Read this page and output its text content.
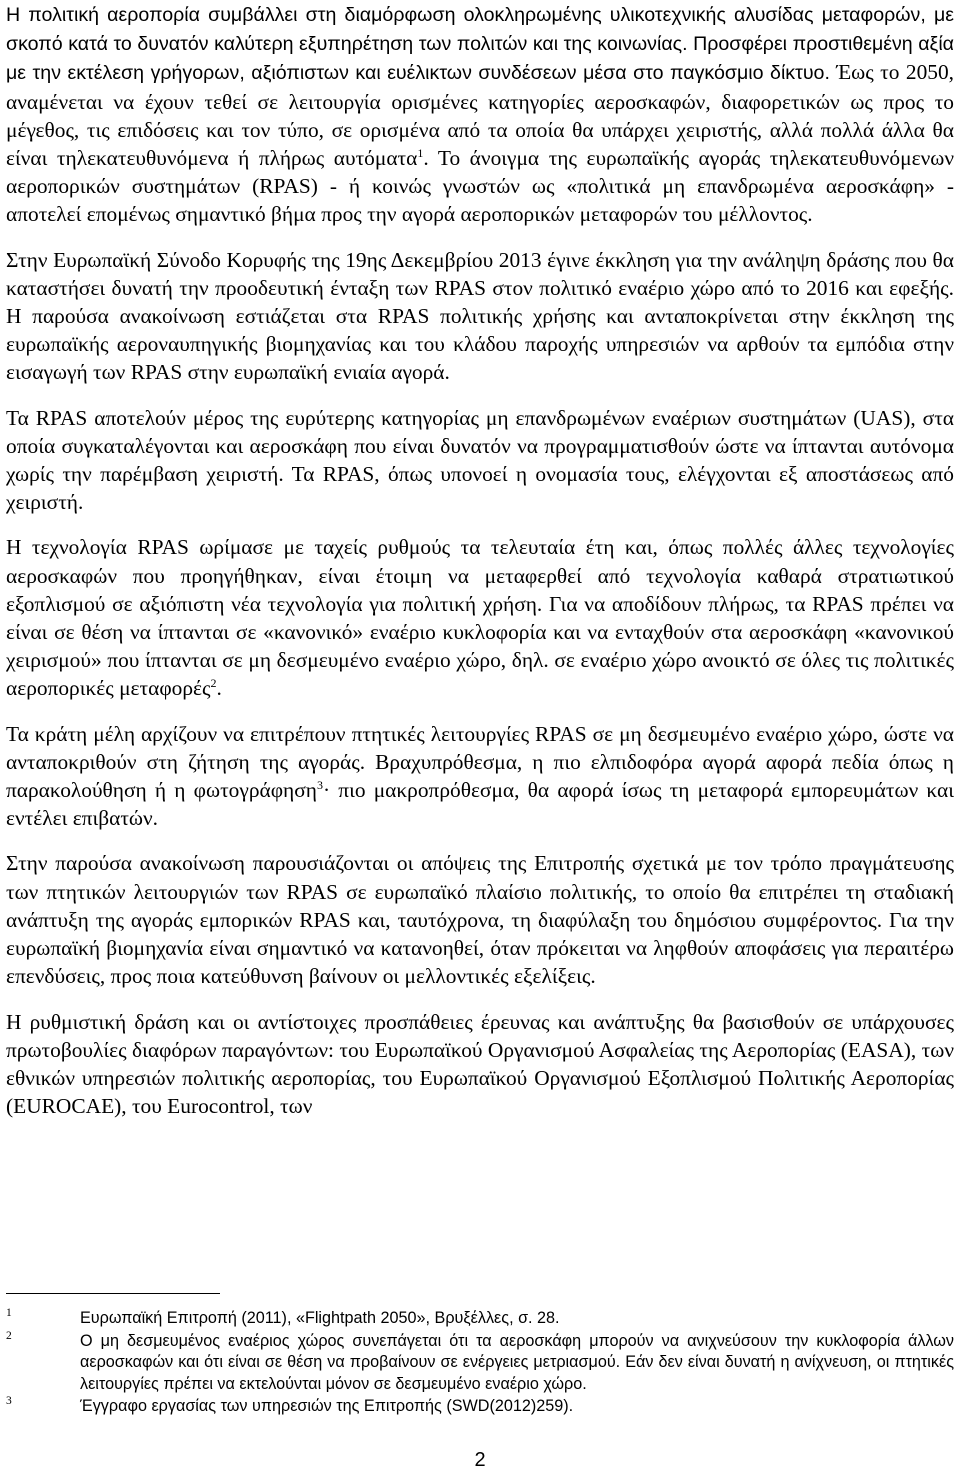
Η πολιτική αεροπορία συμβάλλει στη διαμόρφωση ολοκληρωμένης υλικοτεχνικής αλυσίδας μεταφορών, με σκοπό κατά το δυνατόν καλύτερη εξυπηρέτηση των πολιτών και της κοινωνίας. Προσφέρει προστιθεμένη αξία με την εκτέλεση γρήγορων, αξιόπιστων και ευέλικτων συνδέσεων μέσα στο παγκόσμιο δίκτυο. Έως το 2050, αναμένεται να έχουν τεθεί σε λειτουργία ορισμένες κατηγορίες αεροσκαφών, διαφορετικών ως προς το μέγεθος, τις επιδόσεις και τον τύπο, σε ορισμένα από τα οποία θα υπάρχει χειριστής, αλλά πολλά άλλα θα είναι τηλεκατευθυνόμενα ή πλήρως αυτόματα$^1$. Το άνοιγμα της ευρωπαϊκής αγοράς τηλεκατευθυνόμενων αεροπορικών συστημάτων (RPAS) - ή κοινώς γνωστών ως «πολιτικά μη επανδρωμένα αεροσκάφη» - αποτελεί επομένως σημαντικό βήμα προς την αγορά αεροπορικών μεταφορών του μέλλοντος.

Στην Ευρωπαϊκή Σύνοδο Κορυφής της 19ης Δεκεμβρίου 2013 έγινε έκκληση για την ανάληψη δράσης που θα καταστήσει δυνατή την προοδευτική ένταξη των RPAS στον πολιτικό εναέριο χώρο από το 2016 και εφεξής. Η παρούσα ανακοίνωση εστιάζεται στα RPAS πολιτικής χρήσης και ανταποκρίνεται στην έκκληση της ευρωπαϊκής αεροναυπηγικής βιομηχανίας και του κλάδου παροχής υπηρεσιών να αρθούν τα εμπόδια στην εισαγωγή των RPAS στην ευρωπαϊκή ενιαία αγορά.

Τα RPAS αποτελούν μέρος της ευρύτερης κατηγορίας μη επανδρωμένων εναέριων συστημάτων (UAS), στα οποία συγκαταλέγονται και αεροσκάφη που είναι δυνατόν να προγραμματισθούν ώστε να ίπτανται αυτόνομα χωρίς την παρέμβαση χειριστή. Τα RPAS, όπως υπονοεί η ονομασία τους, ελέγχονται εξ αποστάσεως από χειριστή.

Η τεχνολογία RPAS ωρίμασε με ταχείς ρυθμούς τα τελευταία έτη και, όπως πολλές άλλες τεχνολογίες αεροσκαφών που προηγήθηκαν, είναι έτοιμη να μεταφερθεί από τεχνολογία καθαρά στρατιωτικού εξοπλισμού σε αξιόπιστη νέα τεχνολογία για πολιτική χρήση. Για να αποδίδουν πλήρως, τα RPAS πρέπει να είναι σε θέση να ίπτανται σε «κανονικό» εναέριο κυκλοφορία και να ενταχθούν στα αεροσκάφη «κανονικού χειρισμού» που ίπτανται σε μη δεσμευμένο εναέριο χώρο, δηλ. σε εναέριο χώρο ανοικτό σε όλες τις πολιτικές αεροπορικές μεταφορές$^2$.

Τα κράτη μέλη αρχίζουν να επιτρέπουν πτητικές λειτουργίες RPAS σε μη δεσμευμένο εναέριο χώρο, ώστε να ανταποκριθούν στη ζήτηση της αγοράς. Βραχυπρόθεσμα, η πιο ελπιδοφόρα αγορά αφορά πεδία όπως η παρακολούθηση ή η φωτογράφηση$^3$· πιο μακροπρόθεσμα, θα αφορά ίσως τη μεταφορά εμπορευμάτων και εντέλει επιβατών.

Στην παρούσα ανακοίνωση παρουσιάζονται οι απόψεις της Επιτροπής σχετικά με τον τρόπο πραγμάτευσης των πτητικών λειτουργιών των RPAS σε ευρωπαϊκό πλαίσιο πολιτικής, το οποίο θα επιτρέπει τη σταδιακή ανάπτυξη της αγοράς εμπορικών RPAS και, ταυτόχρονα, τη διαφύλαξη του δημόσιου συμφέροντος. Για την ευρωπαϊκή βιομηχανία είναι σημαντικό να κατανοηθεί, όταν πρόκειται να ληφθούν αποφάσεις για περαιτέρω επενδύσεις, προς ποια κατεύθυνση βαίνουν οι μελλοντικές εξελίξεις.

Η ρυθμιστική δράση και οι αντίστοιχες προσπάθειες έρευνας και ανάπτυξης θα βασισθούν σε υπάρχουσες πρωτοβουλίες διαφόρων παραγόντων: του Ευρωπαϊκού Οργανισμού Ασφαλείας της Αεροπορίας (EASA), των εθνικών υπηρεσιών πολιτικής αεροπορίας, του Ευρωπαϊκού Οργανισμού Εξοπλισμού Πολιτικής Αεροπορίας (EUROCAE), του Eurocontrol, των

1	Ευρωπαϊκή Επιτροπή (2011), «Flightpath 2050», Βρυξέλλες, σ. 28.
2	Ο μη δεσμευμένος εναέριος χώρος συνεπάγεται ότι τα αεροσκάφη μπορούν να ανιχνεύσουν την κυκλοφορία άλλων αεροσκαφών και ότι είναι σε θέση να προβαίνουν σε ενέργειες μετριασμού. Εάν δεν είναι δυνατή η ανίχνευση, οι πτητικές λειτουργίες πρέπει να εκτελούνται μόνον σε δεσμευμένο εναέριο χώρο.
3	Έγγραφο εργασίας των υπηρεσιών της Επιτροπής (SWD(2012)259).
2
